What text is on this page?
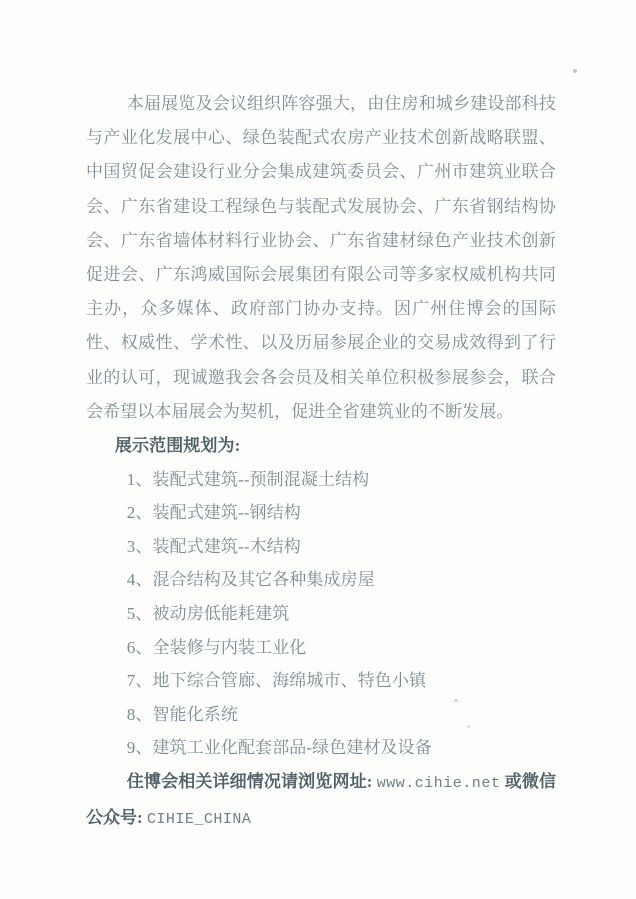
本届展览及会议组织阵容强大，由住房和城乡建设部科技与产业化发展中心、绿色装配式农房产业技术创新战略联盟、中国贸促会建设行业分会集成建筑委员会、广州市建筑业联合会、广东省建设工程绿色与装配式发展协会、广东省钢结构协会、广东省墙体材料行业协会、广东省建材绿色产业技术创新促进会、广东鸿威国际会展集团有限公司等多家权威机构共同主办，众多媒体、政府部门协办支持。因广州住博会的国际性、权威性、学术性、以及历届参展企业的交易成效得到了行业的认可，现诚邀我会各会员及相关单位积极参展参会，联合会希望以本届展会为契机，促进全省建筑业的不断发展。

展示范围规划为:

1、装配式建筑--预制混凝土结构
2、装配式建筑--钢结构
3、装配式建筑--木结构
4、混合结构及其它各种集成房屋
5、被动房低能耗建筑
6、全装修与内装工业化
7、地下综合管廊、海绵城市、特色小镇
8、智能化系统
9、建筑工业化配套部品-绿色建材及设备

住博会相关详细情况请浏览网址: www.cihie.net 或微信公众号: CIHIE_CHINA
